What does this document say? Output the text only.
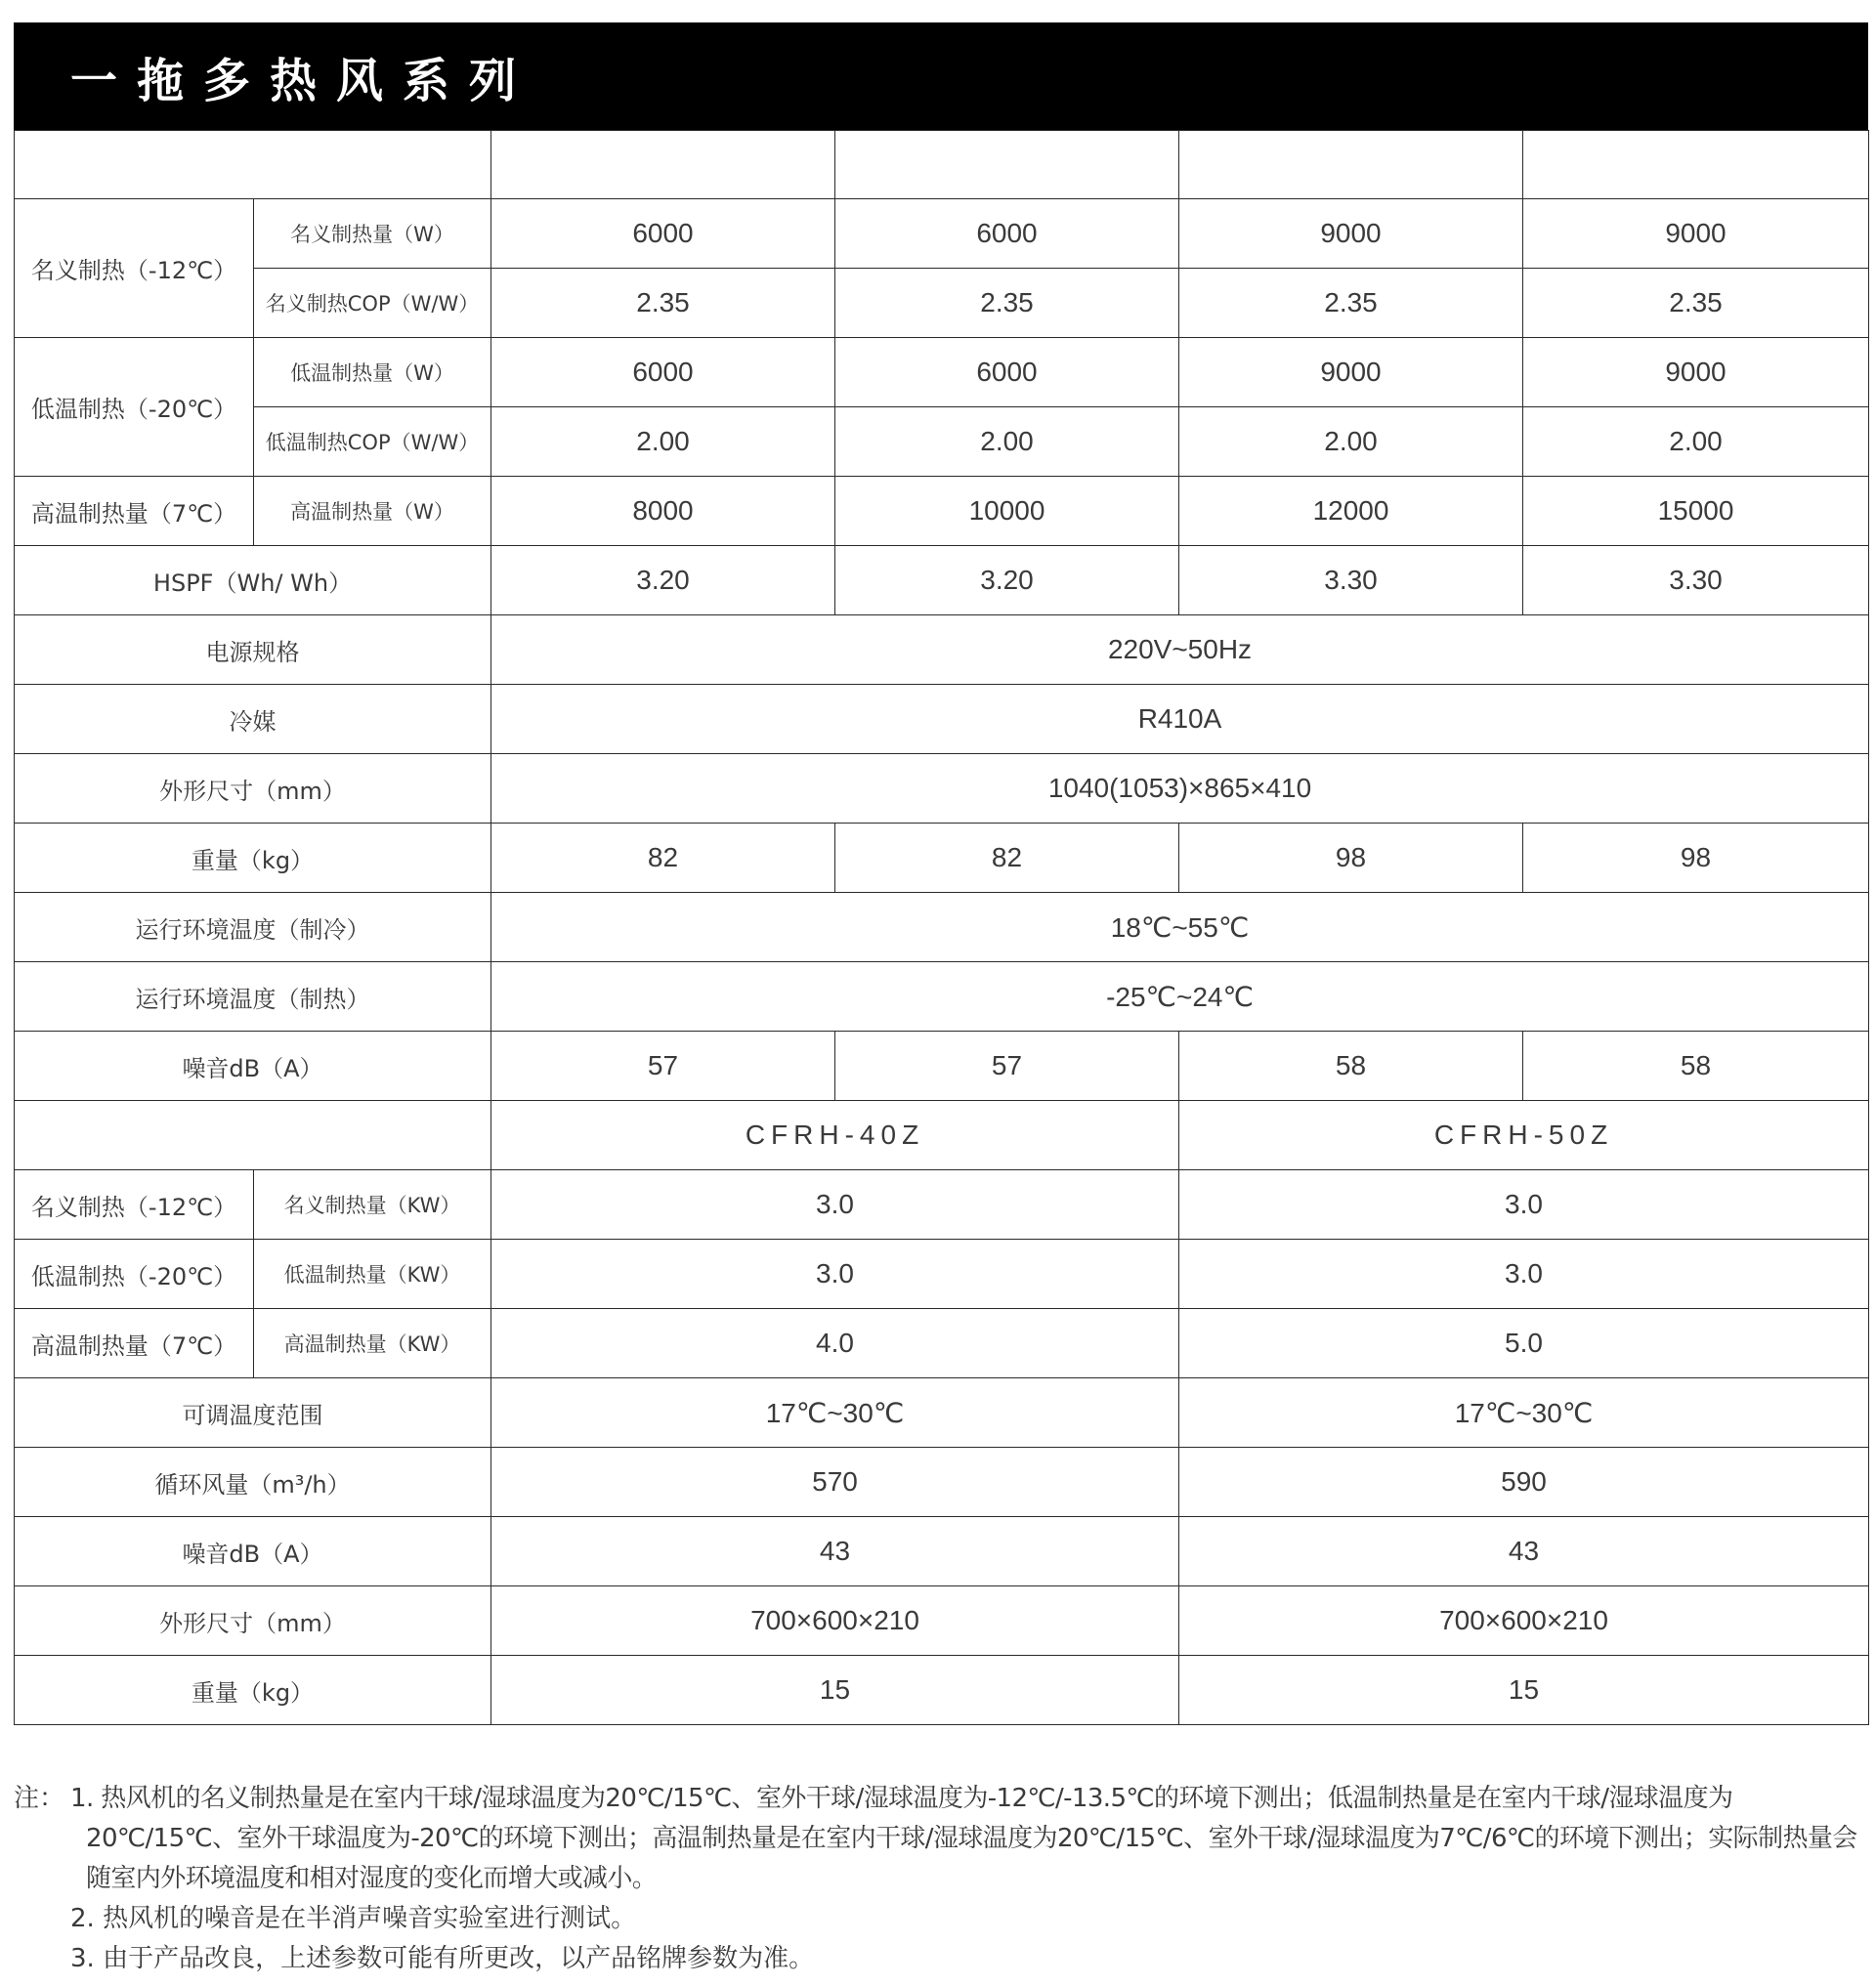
一拖多热风系列

名义制热（-12℃）	名义制热量（W）	6000	6000	9000	9000
	名义制热COP（W/W）	2.35	2.35	2.35	2.35
低温制热（-20℃）	低温制热量（W）	6000	6000	9000	9000
	低温制热COP（W/W）	2.00	2.00	2.00	2.00
高温制热量（7℃）	高温制热量（W）	8000	10000	12000	15000
HSPF（Wh/ Wh）		3.20	3.20	3.30	3.30
电源规格		220V~50Hz			
冷媒		R410A			
外形尺寸（mm）		1040(1053)×865×410			
重量（kg）		82	82	98	98
运行环境温度（制冷）		18℃~55℃			
运行环境温度（制热）		-25℃~24℃			
噪音dB（A）		57	57	58	58
		CFRH-40Z		CFRH-50Z	
名义制热（-12℃）	名义制热量（KW）	3.0		3.0	
低温制热（-20℃）	低温制热量（KW）	3.0		3.0	
高温制热量（7℃）	高温制热量（KW）	4.0		5.0	
可调温度范围		17℃~30℃		17℃~30℃	
循环风量（m³/h）		570		590	
噪音dB（A）		43		43	
外形尺寸（mm）		700×600×210		700×600×210	
重量（kg）		15		15	
注： 1. 热风机的名义制热量是在室内干球/湿球温度为20℃/15℃、室外干球/湿球温度为-12℃/-13.5℃的环境下测出；低温制热量是在室内干球/湿球温度为20℃/15℃、室外干球温度为-20℃的环境下测出；高温制热量是在室内干球/湿球温度为20℃/15℃、室外干球/湿球温度为7℃/6℃的环境下测出；实际制热量会随室内外环境温度和相对湿度的变化而增大或减小。

2. 热风机的噪音是在半消声噪音实验室进行测试。

3. 由于产品改良，上述参数可能有所更改，以产品铭牌参数为准。
